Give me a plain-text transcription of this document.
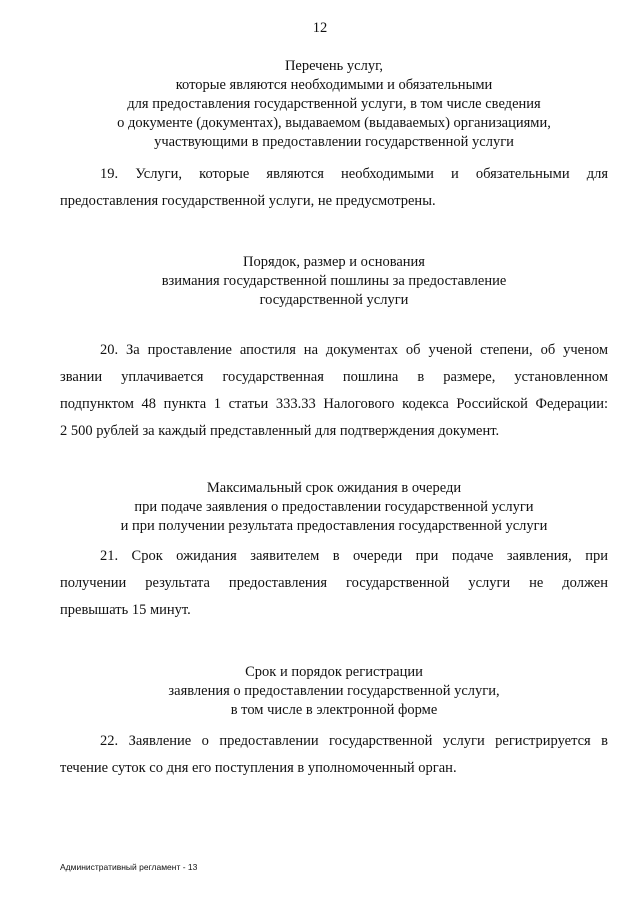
12
Перечень услуг,
которые являются необходимыми и обязательными
для предоставления государственной услуги, в том числе сведения
о документе (документах), выдаваемом (выдаваемых) организациями,
участвующими в предоставлении государственной услуги
19. Услуги, которые являются необходимыми и обязательными для
предоставления государственной услуги, не предусмотрены.
Порядок, размер и основания
взимания государственной пошлины за предоставление
государственной услуги
20. За проставление апостиля на документах об ученой степени, об ученом
звании уплачивается государственная пошлина в размере, установленном
подпунктом 48 пункта 1 статьи 333.33 Налогового кодекса Российской Федерации:
2 500 рублей за каждый представленный для подтверждения документ.
Максимальный срок ожидания в очереди
при подаче заявления о предоставлении государственной услуги
и при получении результата предоставления государственной услуги
21. Срок ожидания заявителем в очереди при подаче заявления, при
получении результата предоставления государственной услуги не должен
превышать 15 минут.
Срок и порядок регистрации
заявления о предоставлении государственной услуги,
в том числе в электронной форме
22. Заявление о предоставлении государственной услуги регистрируется в
течение суток со дня его поступления в уполномоченный орган.
Административный регламент - 13
